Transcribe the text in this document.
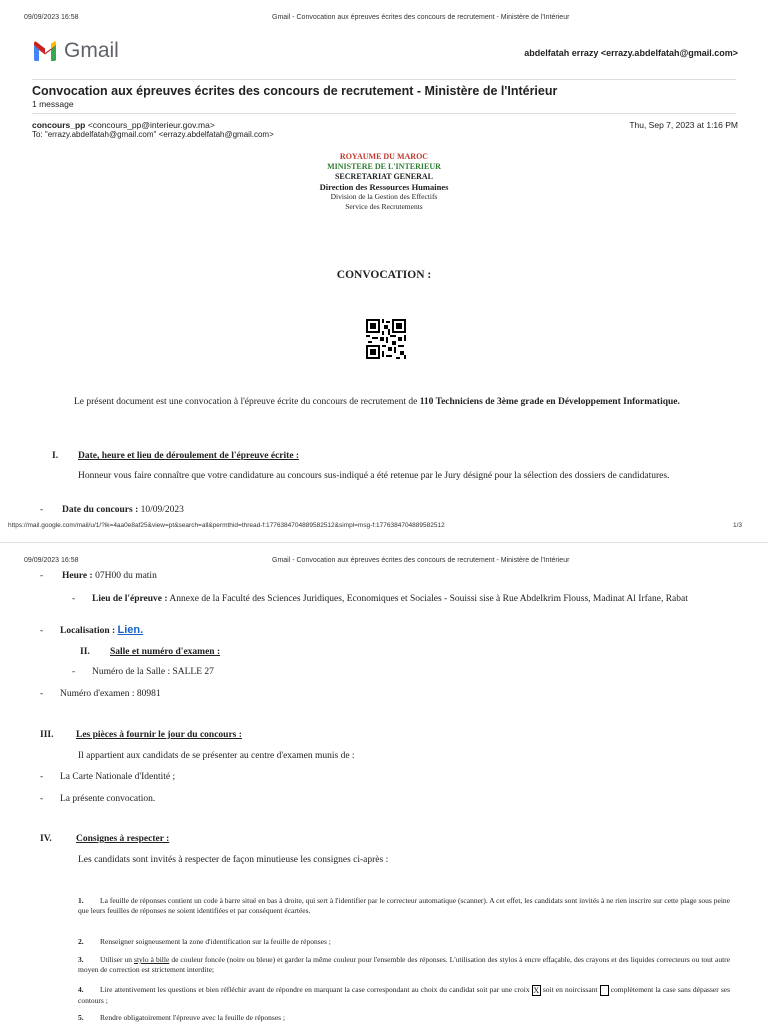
09/09/2023 16:58	Gmail - Convocation aux épreuves écrites des concours de recrutement - Ministère de l'Intérieur
Gmail	abdelfatah errazy <errazy.abdelfatah@gmail.com>
Convocation aux épreuves écrites des concours de recrutement - Ministère de l'Intérieur
1 message
concours_pp <concours_pp@interieur.gov.ma>
To: "errazy.abdelfatah@gmail.com" <errazy.abdelfatah@gmail.com>
Thu, Sep 7, 2023 at 1:16 PM
ROYAUME DU MAROC
MINISTERE DE L'INTERIEUR
SECRETARIAT GENERAL
Direction des Ressources Humaines
Division de la Gestion des Effectifs
Service des Recrutements
CONVOCATION :
Le présent document est une convocation à l'épreuve écrite du concours de recrutement de 110 Techniciens de 3ème grade en Développement Informatique.
I. Date, heure et lieu de déroulement de l'épreuve écrite :
Honneur vous faire connaître que votre candidature au concours sus-indiqué a été retenue par le Jury désigné pour la sélection des dossiers de candidatures.
- Date du concours : 10/09/2023
https://mail.google.com/mail/u/1/?ik=4aa0e8af25&view=pt&search=all&permthid=thread-f:1776384704889582512&simpl=msg-f:1776384704889582512	1/3
09/09/2023 16:58	Gmail - Convocation aux épreuves écrites des concours de recrutement - Ministère de l'Intérieur
- Heure : 07H00 du matin
- Lieu de l'épreuve : Annexe de la Faculté des Sciences Juridiques, Economiques et Sociales - Souissi sise à Rue Abdelkrim Flouss, Madinat Al Irfane, Rabat
- Localisation : Lien.
II. Salle et numéro d'examen :
- Numéro de la Salle : SALLE 27
- Numéro d'examen : 80981
III. Les pièces à fournir le jour du concours :
Il appartient aux candidats de se présenter au centre d'examen munis de :
- La Carte Nationale d'Identité ;
- La présente convocation.
IV.	Consignes à respecter :
Les candidats sont invités à respecter de façon minutieuse les consignes ci-après :
1. La feuille de réponses contient un code à barre situé en bas à droite, qui sert à l'identifier par le correcteur automatique (scanner). A cet effet, les candidats sont invités à ne rien inscrire sur cette plage sous peine que leurs feuilles de réponses ne soient identifiées et par conséquent écartées.
2. Renseigner soigneusement la zone d'identification sur la feuille de réponses ;
3. Utiliser un stylo à bille de couleur foncée (noire ou bleue) et garder la même couleur pour l'ensemble des réponses. L'utilisation des stylos à encre effaçable, des crayons et des liquides correcteurs ou tout autre moyen de correction est strictement interdite;
4. Lire attentivement les questions et bien réfléchir avant de répondre en marquant la case correspondant au choix du candidat soit par une croix X soit en noircissant  complètement la case sans dépasser ses contours ;
5. Rendre obligatoirement l'épreuve avec la feuille de réponses ;
